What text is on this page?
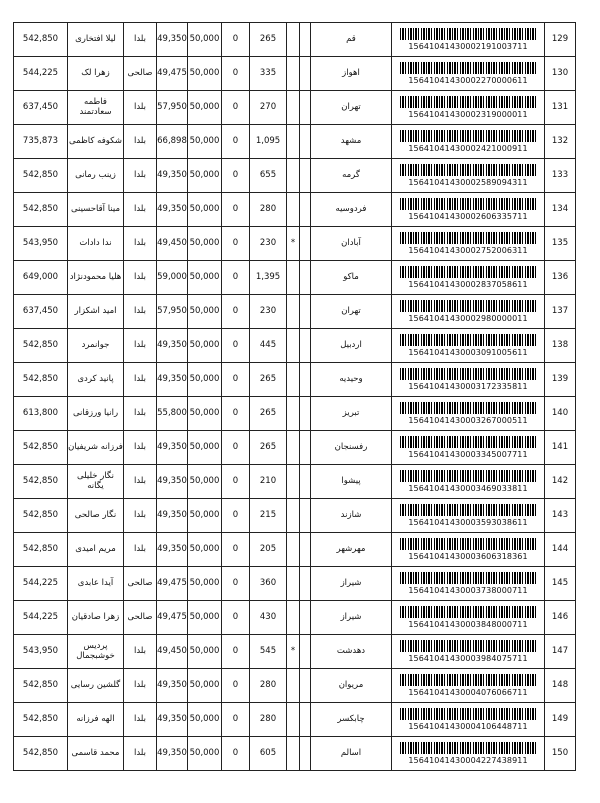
542,850	ليلا افتخاری	بلدا	49,350	50,000	0	265			قم	15641041430002191003711	129
544,225	زهرا لک	صالحی	49,475	50,000	0	335			اهواز	15641041430002270000611	130
637,450	فاطمه سعادتمند	بلدا	57,950	50,000	0	270			تهران	15641041430002319000011	131
735,873	شکوفه کاظمی	بلدا	66,898	50,000	0	1,095			مشهد	15641041430002421000911	132
542,850	زینب رمانی	بلدا	49,350	50,000	0	655			گرمه	15641041430002589094311	133
542,850	مینا آقاحسینی	بلدا	49,350	50,000	0	280			فردوسیه	15641041430002606335711	134
543,950	ندا دادات	بلدا	49,450	50,000	0	230	*		آبادان	15641041430002752006311	135
649,000	هلیا محمودنژاد	بلدا	59,000	50,000	0	1,395			ماکو	15641041430002837058611	136
637,450	امید اشکزار	بلدا	57,950	50,000	0	230			تهران	15641041430002980000011	137
542,850	جوانمرد	بلدا	49,350	50,000	0	445			اردبیل	15641041430003091005611	138
542,850	پانید کردی	بلدا	49,350	50,000	0	265			وحیدیه	15641041430003172335811	139
613,800	رانیا ورزقانی	بلدا	55,800	50,000	0	265			تبریز	15641041430003267000511	140
542,850	فرزانه شریفیان	بلدا	49,350	50,000	0	265			رفسنجان	15641041430003345007711	141
542,850	نگار خلیلی یگانه	بلدا	49,350	50,000	0	210			پیشوا	15641041430003469033811	142
542,850	نگار صالحی	بلدا	49,350	50,000	0	215			شازند	15641041430003593038611	143
542,850	مریم امیدی	بلدا	49,350	50,000	0	205			مهرشهر	15641041430003606318361	144
544,225	آیدا عابدی	صالحی	49,475	50,000	0	360			شیراز	15641041430003738000711	145
544,225	زهرا صادقیان	صالحی	49,475	50,000	0	430			شیراز	15641041430003848000711	146
543,950	پردیس خوشبجمال	بلدا	49,450	50,000	0	545	*		دهدشت	15641041430003984075711	147
542,850	گلشین رسایی	بلدا	49,350	50,000	0	280			مریوان	15641041430004076066711	148
542,850	الهه فرزانه	بلدا	49,350	50,000	0	280			چابکسر	15641041430004106448711	149
542,850	محمد قاسمی	بلدا	49,350	50,000	0	605			اسالم	15641041430004227438911	150
